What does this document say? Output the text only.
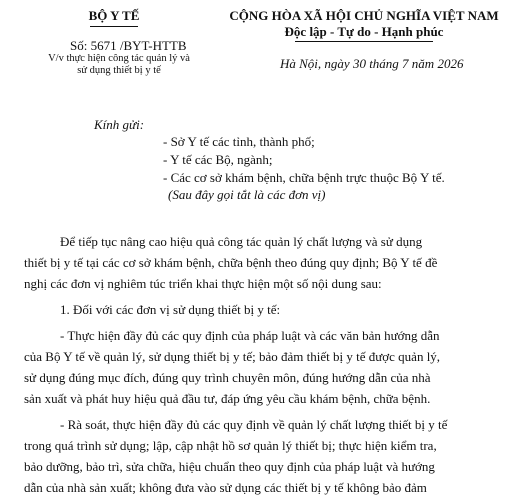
BỘ Y TẾ
Số: 5671 /BYT-HTTB
V/v thực hiện công tác quản lý và
sử dụng thiết bị y tế
CỘNG HÒA XÃ HỘI CHỦ NGHĨA VIỆT NAM
Độc lập - Tự do - Hạnh phúc
Hà Nội, ngày 30 tháng 7 năm 2026
Kính gửi:
- Sở Y tế các tỉnh, thành phố;
- Y tế các Bộ, ngành;
- Các cơ sở khám bệnh, chữa bệnh trực thuộc Bộ Y tế.
(Sau đây gọi tắt là các đơn vị)
Để tiếp tục nâng cao hiệu quả công tác quản lý chất lượng và sử dụng
thiết bị y tế tại các cơ sở khám bệnh, chữa bệnh theo đúng quy định; Bộ Y tế đề
nghị các đơn vị nghiêm túc triển khai thực hiện một số nội dung sau:
1. Đối với các đơn vị sử dụng thiết bị y tế:
- Thực hiện đầy đủ các quy định của pháp luật và các văn bản hướng dẫn
của Bộ Y tế về quản lý, sử dụng thiết bị y tế; bảo đảm thiết bị y tế được quản lý,
sử dụng đúng mục đích, đúng quy trình chuyên môn, đúng hướng dẫn của nhà
sản xuất và phát huy hiệu quả đầu tư, đáp ứng yêu cầu khám bệnh, chữa bệnh.
- Rà soát, thực hiện đầy đủ các quy định về quản lý chất lượng thiết bị y tế
trong quá trình sử dụng; lập, cập nhật hồ sơ quản lý thiết bị; thực hiện kiểm tra,
bảo dưỡng, bảo trì, sửa chữa, hiệu chuẩn theo quy định của pháp luật và hướng
dẫn của nhà sản xuất; không đưa vào sử dụng các thiết bị y tế không bảo đảm
